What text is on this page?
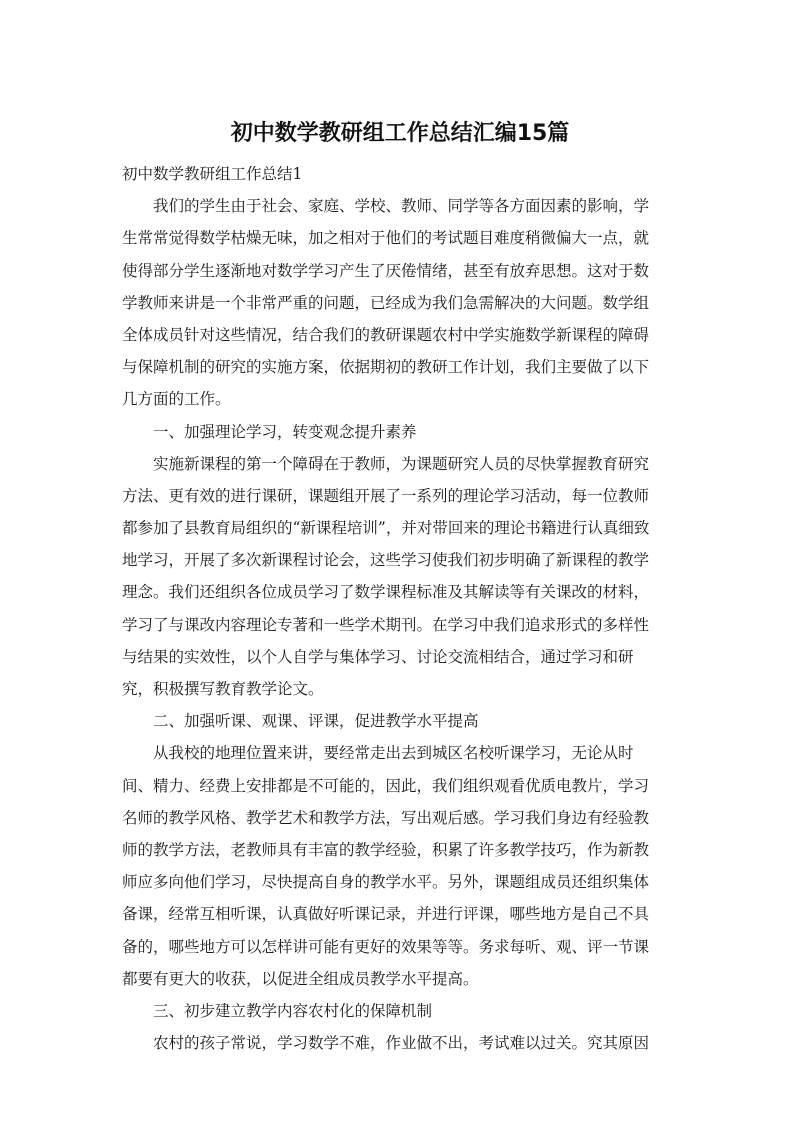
初中数学教研组工作总结汇编15篇
初中数学教研组工作总结1
我们的学生由于社会、家庭、学校、教师、同学等各方面因素的影响，学
生常常觉得数学枯燥无味，加之相对于他们的考试题目难度稍微偏大一点，就
使得部分学生逐渐地对数学学习产生了厌倦情绪，甚至有放弃思想。这对于数
学教师来讲是一个非常严重的问题，已经成为我们急需解决的大问题。数学组
全体成员针对这些情况，结合我们的教研课题农村中学实施数学新课程的障碍
与保障机制的研究的实施方案，依据期初的教研工作计划，我们主要做了以下
几方面的工作。
一、加强理论学习，转变观念提升素养
实施新课程的第一个障碍在于教师，为课题研究人员的尽快掌握教育研究
方法、更有效的进行课研，课题组开展了一系列的理论学习活动，每一位教师
都参加了县教育局组织的“新课程培训”，并对带回来的理论书籍进行认真细致
地学习，开展了多次新课程讨论会，这些学习使我们初步明确了新课程的教学
理念。我们还组织各位成员学习了数学课程标准及其解读等有关课改的材料，
学习了与课改内容理论专著和一些学术期刊。在学习中我们追求形式的多样性
与结果的实效性，以个人自学与集体学习、讨论交流相结合，通过学习和研
究，积极撰写教育教学论文。
二、加强听课、观课、评课，促进教学水平提高
从我校的地理位置来讲，要经常走出去到城区名校听课学习，无论从时
间、精力、经费上安排都是不可能的，因此，我们组织观看优质电教片，学习
名师的教学风格、教学艺术和教学方法，写出观后感。学习我们身边有经验教
师的教学方法，老教师具有丰富的教学经验，积累了许多教学技巧，作为新教
师应多向他们学习，尽快提高自身的教学水平。另外，课题组成员还组织集体
备课，经常互相听课，认真做好听课记录，并进行评课，哪些地方是自己不具
备的，哪些地方可以怎样讲可能有更好的效果等等。务求每听、观、评一节课
都要有更大的收获，以促进全组成员教学水平提高。
三、初步建立教学内容农村化的保障机制
农村的孩子常说，学习数学不难，作业做不出，考试难以过关。究其原因
